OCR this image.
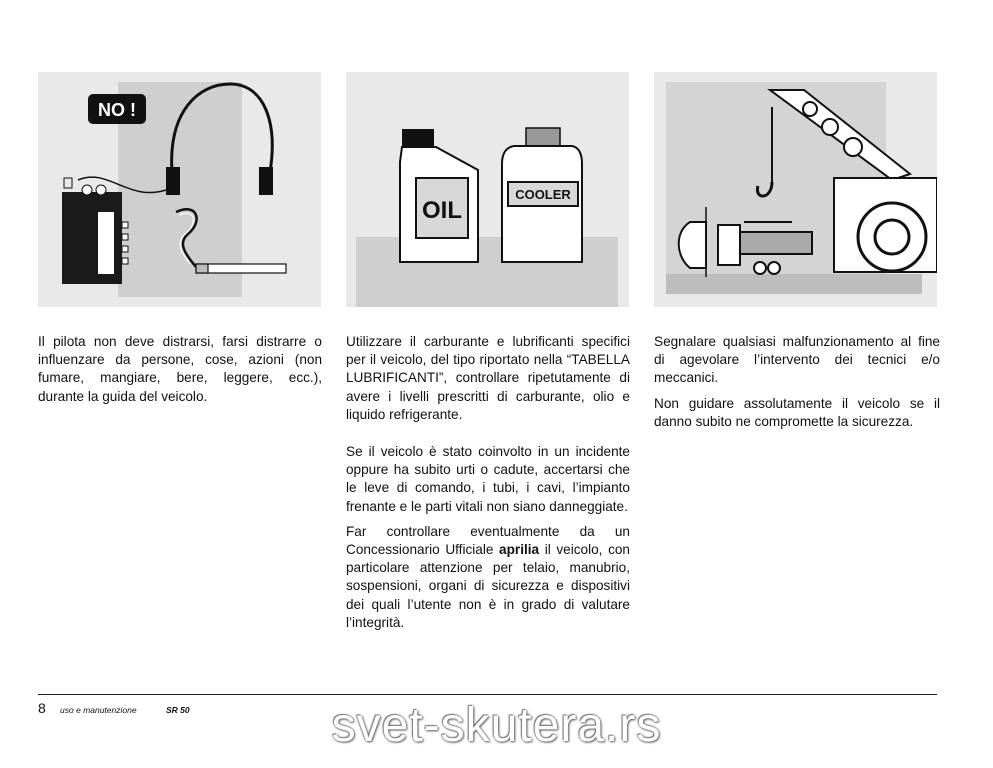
NO !
OIL
COOLER

Il pilota non deve distrarsi, farsi distrarre o influenzare da persone, cose, azioni (non fumare, mangiare, bere, leggere, ecc.), durante la guida del veicolo.

Utilizzare il carburante e lubrificanti specifici per il veicolo, del tipo riportato nella “TABELLA LUBRIFICANTI”, controllare ripetutamente di avere i livelli prescritti di carburante, olio e liquido refrigerante.

Se il veicolo è stato coinvolto in un incidente oppure ha subito urti o cadute, accertarsi che le leve di comando, i tubi, i cavi, l’impianto frenante e le parti vitali non siano danneggiate.

Far controllare eventualmente da un Concessionario Ufficiale aprilia il veicolo, con particolare attenzione per telaio, manubrio, sospensioni, organi di sicurezza e dispositivi dei quali l’utente non è in grado di valutare l’integrità.

Segnalare qualsiasi malfunzionamento al fine di agevolare l’intervento dei tecnici e/o meccanici.

Non guidare assolutamente il veicolo se il danno subito ne compromette la sicurezza.

8 uso e manutenzione	SR 50	svet-skutera.rs
